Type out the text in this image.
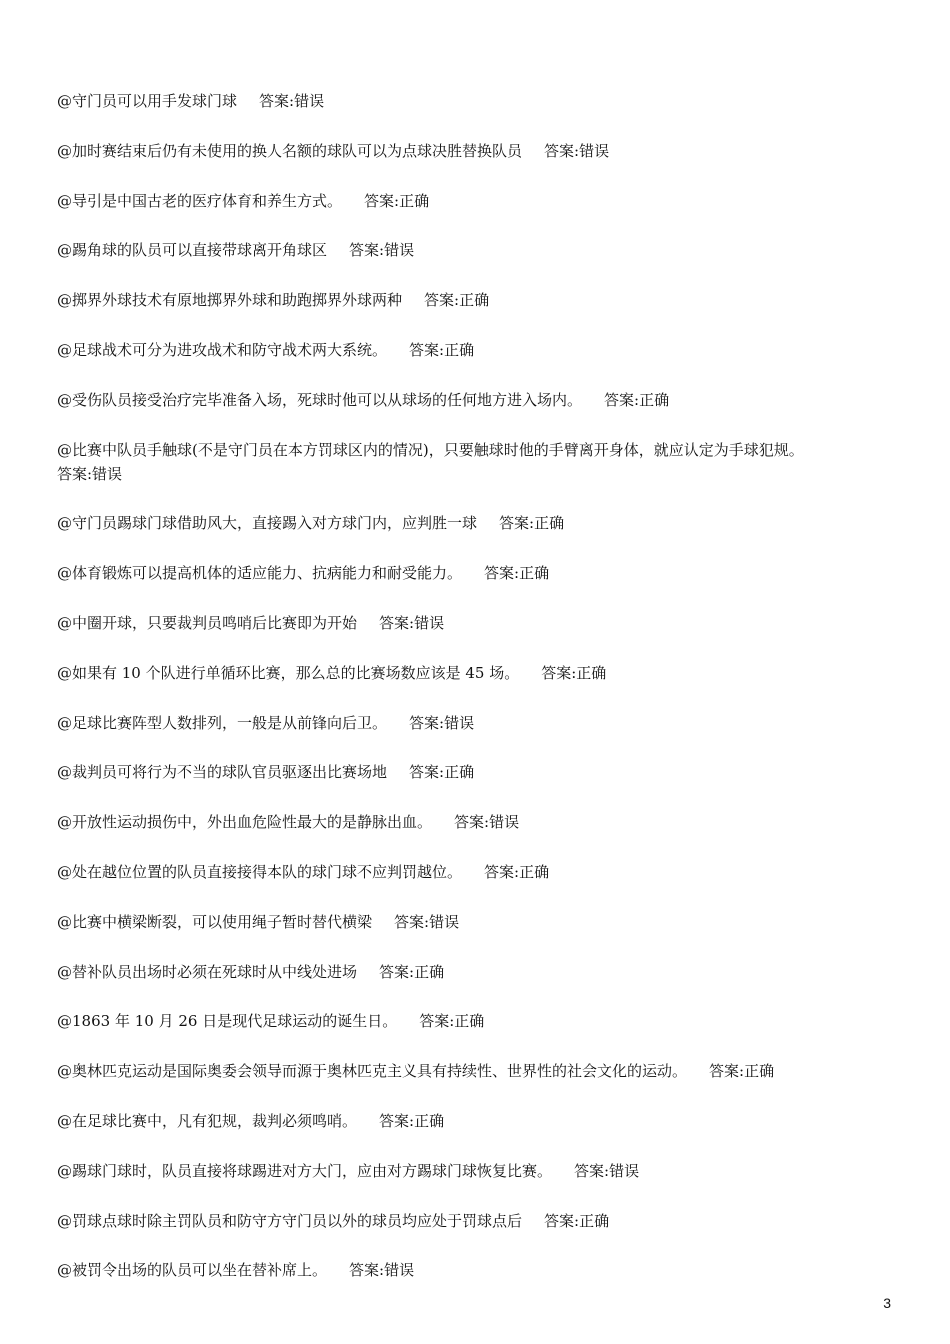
@守门员可以用手发球门球 答案:错误
@加时赛结束后仍有未使用的换人名额的球队可以为点球决胜替换队员 答案:错误
@导引是中国古老的医疗体育和养生方式。 答案:正确
@踢角球的队员可以直接带球离开角球区 答案:错误
@掷界外球技术有原地掷界外球和助跑掷界外球两种 答案:正确
@足球战术可分为进攻战术和防守战术两大系统。 答案:正确
@受伤队员接受治疗完毕准备入场，死球时他可以从球场的任何地方进入场内。 答案:正确
@比赛中队员手触球(不是守门员在本方罚球区内的情况)，只要触球时他的手臂离开身体，就应认定为手球犯规。
答案:错误
@守门员踢球门球借助风大，直接踢入对方球门内，应判胜一球 答案:正确
@体育锻炼可以提高机体的适应能力、抗病能力和耐受能力。 答案:正确
@中圈开球，只要裁判员鸣哨后比赛即为开始 答案:错误
@如果有 10 个队进行单循环比赛，那么总的比赛场数应该是 45 场。 答案:正确
@足球比赛阵型人数排列，一般是从前锋向后卫。 答案:错误
@裁判员可将行为不当的球队官员驱逐出比赛场地 答案:正确
@开放性运动损伤中，外出血危险性最大的是静脉出血。 答案:错误
@处在越位位置的队员直接接得本队的球门球不应判罚越位。 答案:正确
@比赛中横梁断裂，可以使用绳子暂时替代横梁 答案:错误
@替补队员出场时必须在死球时从中线处进场 答案:正确
@1863 年 10 月 26 日是现代足球运动的诞生日。 答案:正确
@奥林匹克运动是国际奥委会领导而源于奥林匹克主义具有持续性、世界性的社会文化的运动。 答案:正确
@在足球比赛中，凡有犯规，裁判必须鸣哨。 答案:正确
@踢球门球时，队员直接将球踢进对方大门，应由对方踢球门球恢复比赛。 答案:错误
@罚球点球时除主罚队员和防守方守门员以外的球员均应处于罚球点后 答案:正确
@被罚令出场的队员可以坐在替补席上。 答案:错误
3
